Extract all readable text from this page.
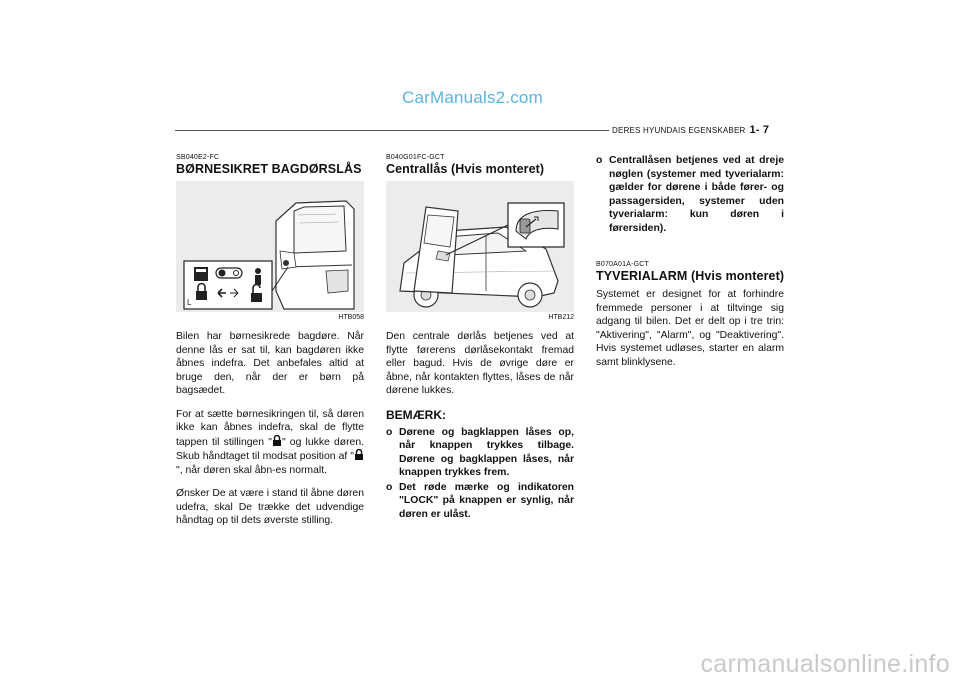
CarManuals2.com
DERES HYUNDAIS EGENSKABER 1- 7
SB040E2-FC
BØRNESIKRET BAGDØRSLÅS
L
HTB058

Bilen har børnesikrede bagdøre. Når denne lås er sat til, kan bagdøren ikke åbnes indefra. Det anbefales altid at bruge den, når der er børn på bagsædet.

For at sætte børnesikringen til, så døren ikke kan åbnes indefra, skal de flytte tappen til stillingen " " og lukke døren. Skub håndtaget til modsat position af "", når døren skal åbn-es normalt.

Ønsker De at være i stand til åbne døren udefra, skal De trække det udvendige håndtag op til dets øverste stilling.

B040G01FC-GCT
Centrallås (Hvis monteret)
HTB212

Den centrale dørlås betjenes ved at flytte førerens dørlåsekontakt fremad eller bagud. Hvis de øvrige døre er åbne, når kontakten flyttes, låses de når dørene lukkes.

BEMÆRK:
o Dørene og bagklappen låses op, når knappen trykkes tilbage. Dørene og bagklappen låses, når knappen trykkes frem.
o Det røde mærke og indikatoren "LOCK" på knappen er synlig, når døren er ulåst.
o Centrallåsen betjenes ved at dreje nøglen (systemer med tyverialarm: gælder for dørene i både fører- og passagersiden, systemer uden tyverialarm: kun døren i førersiden).
B070A01A-GCT
TYVERIALARM (Hvis monteret)

Systemet er designet for at forhindre fremmede personer i at tiltvinge sig adgang til bilen. Det er delt op i tre trin: "Aktivering", "Alarm", og "Deaktivering". Hvis systemet udløses, starter en alarm samt blinklysene.

carmanualsonline.info
